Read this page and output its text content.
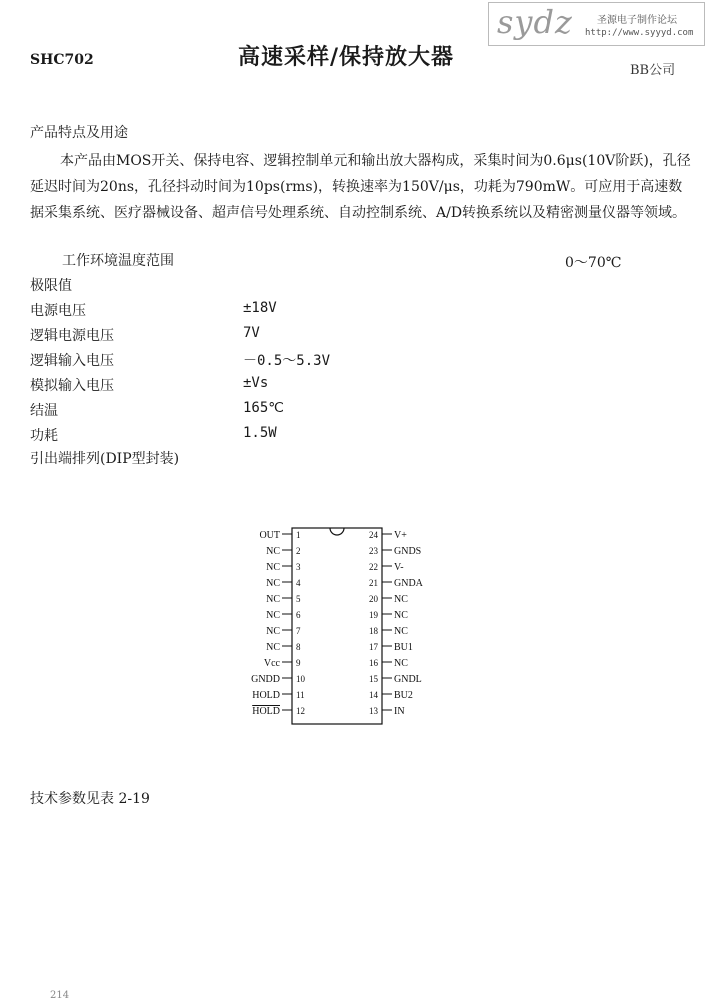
SHC702	高速采样/保持放大器
BB公司
sydz 圣源电子制作论坛
http://www.syyyd.com
产品特点及用途
本产品由MOS开关、保持电容、逻辑控制单元和输出放大器构成，采集时间为0.6μs(10V阶跃)，孔径延迟时间为20ns，孔径抖动时间为10ps(rms)，转换速率为150V/μs，功耗为790mW。可应用于高速数据采集系统、医疗器械设备、超声信号处理系统、自动控制系统、A/D转换系统以及精密测量仪器等领域。
工作环境温度范围	0～70℃
极限值
电源电压	±18V
逻辑电源电压	7V
逻辑输入电压	－0.5～5.3V
模拟输入电压	±Vs
结温	165℃
功耗	1.5W
引出端排列(DIP型封装)
1
OUT
2
NC
3
NC
4
NC
5
NC
6
NC
7
NC
8
NC
9
Vcc
10
GNDD
11
HOLD
12
HOLD
24 V+
23 GNDS
22 V-
21 GNDA
20 NC
19 NC
18 NC
17 BU1
16 NC
15 GNDL
14 BU2
13 IN
技术参数见表 2-19
214
